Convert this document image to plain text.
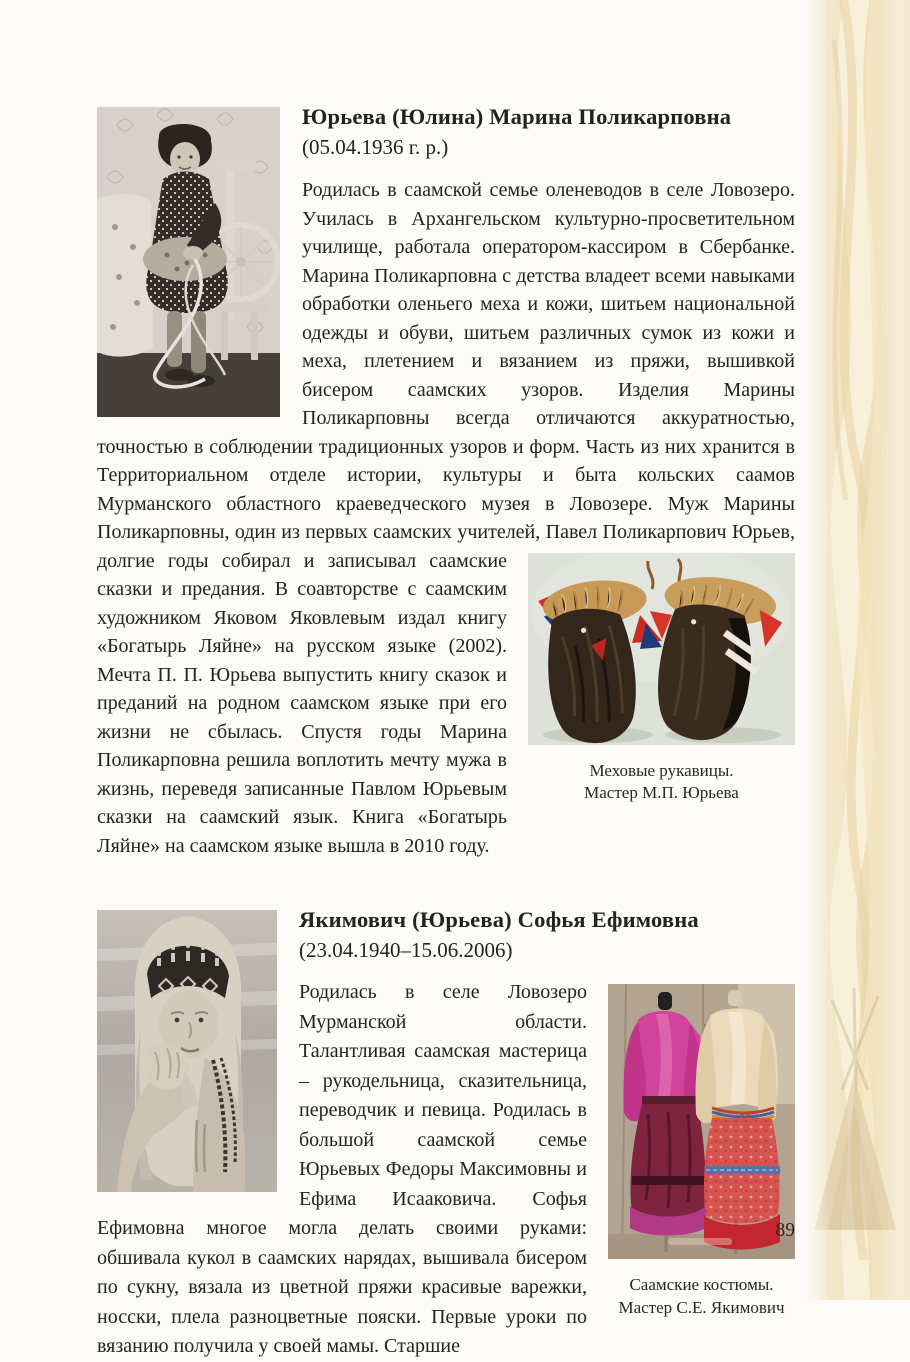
Юрьева (Юлина) Марина Поликарповна

(05.04.1936 г. р.)

Родилась в саамской семье оленеводов в селе Ловозеро. Училась в Архангельском культурно-просветительном училище, работала оператором-кассиром в Сбербанке. Марина Поликарповна с детства владеет всеми навыками обработки оленьего меха и кожи, шитьем национальной одежды и обуви, шитьем различных сумок из кожи и меха, плетением и вязанием из пряжи, вышивкой бисером саамских узоров. Изделия Марины Поликарповны всегда отличаются аккуратностью, точностью в соблюдении традиционных узоров и форм. Часть из них хранится в Территориальном отделе истории, культуры и быта кольских саамов Мурманского областного краеведческого музея в Ловозере. Муж Марины Поликарповны, один из первых саамских учителей, Павел Поликарпович Юрьев,
Меховые рукавицы.
Мастер М.П. Юрьева
долгие годы собирал и записывал саамские сказки и предания. В соавторстве с саамским художником Яковом Яковлевым издал книгу «Богатырь Ляйне» на русском языке (2002). Мечта П. П. Юрьева выпустить книгу сказок и преданий на родном саамском языке при его жизни не сбылась. Спустя годы Марина Поликарповна решила воплотить мечту мужа в жизнь, переведя записанные Павлом Юрьевым сказки на саамский язык. Книга «Богатырь Ляйне» на саамском языке вышла в 2010 году.
Якимович (Юрьева) Софья Ефимовна

(23.04.1940–15.06.2006)

Саамские костюмы.
Мастер С.Е. Якимович
Родилась в селе Ловозеро Мурманской области. Талантливая саамская мастерица – рукодельница, сказительница, переводчик и певица. Родилась в большой саамской семье Юрьевых Федоры Максимовны и Ефима Исааковича. Софья Ефимовна многое могла делать своими руками: обшивала кукол в саамских нарядах, вышивала бисером по сукну, вязала из цветной пряжи красивые варежки, носски, плела разноцветные пояски. Первые уроки по вязанию получила у своей мамы. Старшие
89
